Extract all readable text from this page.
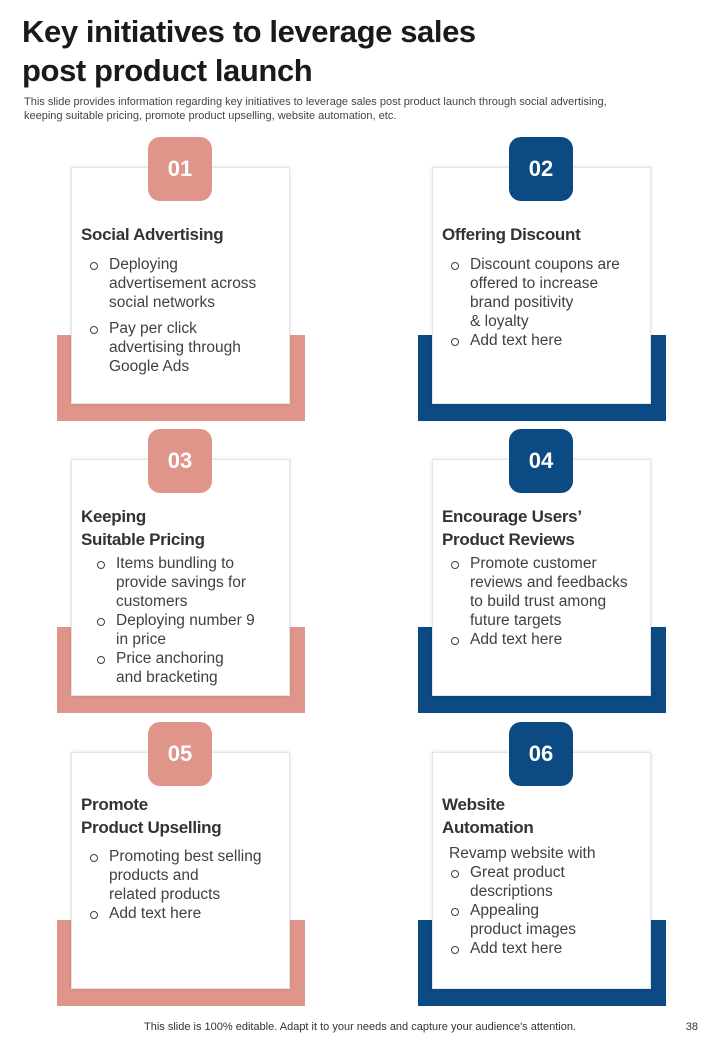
Key initiatives to leverage sales
post product launch
This slide provides information regarding key initiatives to leverage sales post product launch through social advertising,
keeping suitable pricing, promote product upselling, website automation, etc.
01
Social Advertising
Deploying
advertisement across
social networks
Pay per click
advertising through
Google Ads
02
Offering Discount
Discount coupons are
offered to increase
brand positivity
& loyalty
Add text here
03
Keeping
Suitable Pricing
Items bundling to
provide savings for
customers
Deploying number 9
in price
Price anchoring
and bracketing
04
Encourage Users’
Product Reviews
Promote customer
reviews and feedbacks
to build trust among
future targets
Add text here
05
Promote
Product Upselling
Promoting best selling
products and
related products
Add text here
06
Website
Automation
Revamp website with
Great product
descriptions
Appealing
product images
Add text here
This slide is 100% editable. Adapt it to your needs and capture your audience's attention.	38
